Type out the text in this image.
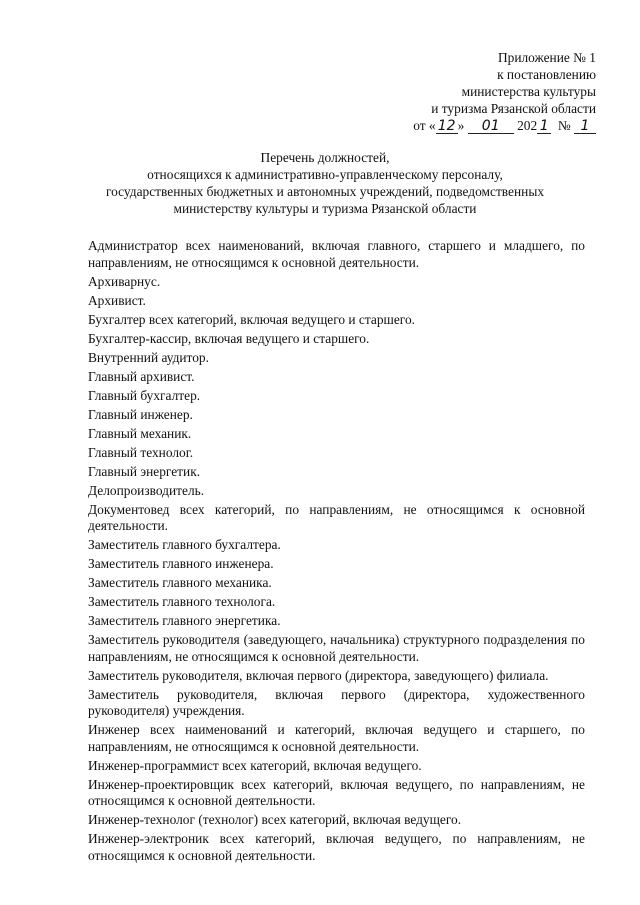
Приложение № 1
к постановлению
министерства культуры
и туризма Рязанской области
от « 12 » 01 202 1 № 1
Перечень должностей,
относящихся к административно-управленческому персоналу,
государственных бюджетных и автономных учреждений, подведомственных
министерству культуры и туризма Рязанской области

Администратор всех наименований, включая главного, старшего и младшего, по направлениям, не относящимся к основной деятельности.

Архиварнус.

Архивист.

Бухгалтер всех категорий, включая ведущего и старшего.

Бухгалтер-кассир, включая ведущего и старшего.

Внутренний аудитор.

Главный архивист.

Главный бухгалтер.

Главный инженер.

Главный механик.

Главный технолог.

Главный энергетик.

Делопроизводитель.

Документовед всех категорий, по направлениям, не относящимся к основной деятельности.

Заместитель главного бухгалтера.

Заместитель главного инженера.

Заместитель главного механика.

Заместитель главного технолога.

Заместитель главного энергетика.

Заместитель руководителя (заведующего, начальника) структурного подразделения по направлениям, не относящимся к основной деятельности.

Заместитель руководителя, включая первого (директора, заведующего) филиала.

Заместитель руководителя, включая первого (директора, художественного руководителя) учреждения.

Инженер всех наименований и категорий, включая ведущего и старшего, по направлениям, не относящимся к основной деятельности.

Инженер-программист всех категорий, включая ведущего.

Инженер-проектировщик всех категорий, включая ведущего, по направлениям, не относящимся к основной деятельности.

Инженер-технолог (технолог) всех категорий, включая ведущего.

Инженер-электроник всех категорий, включая ведущего, по направлениям, не относящимся к основной деятельности.
